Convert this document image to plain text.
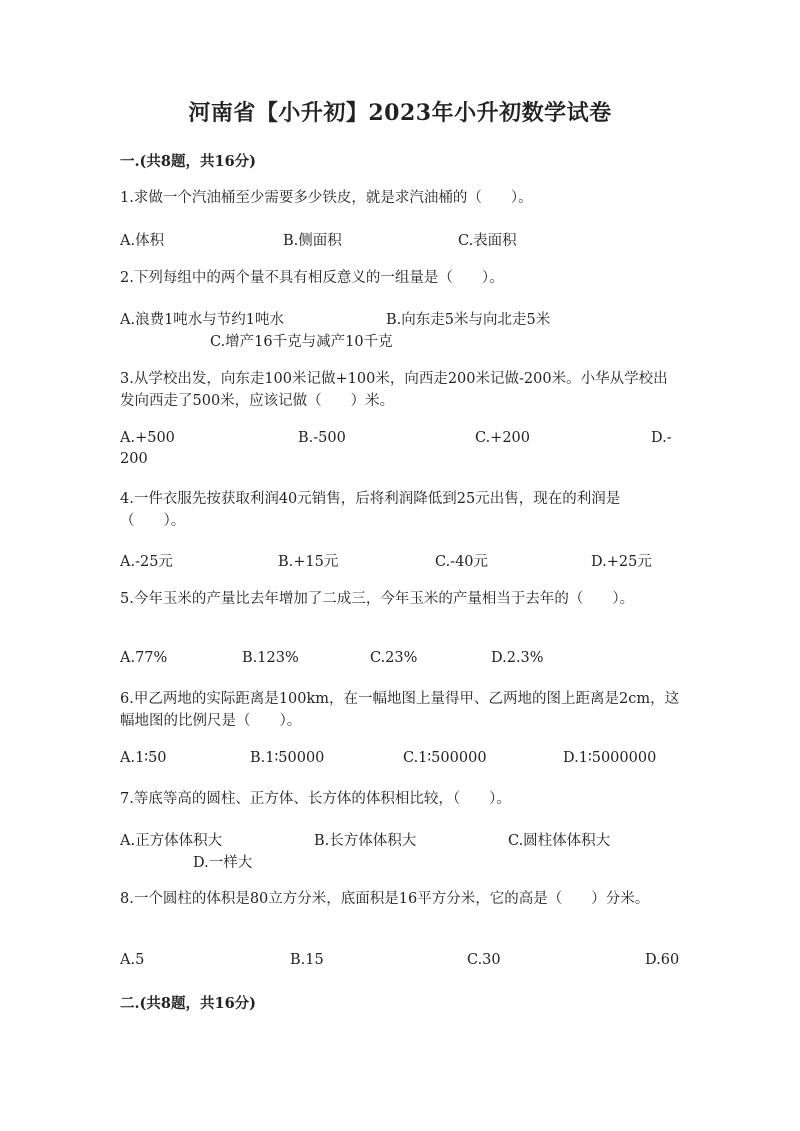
河南省【小升初】2023年小升初数学试卷
一.(共8题，共16分)
1.求做一个汽油桶至少需要多少铁皮，就是求汽油桶的（　　）。
A.体积	B.侧面积	C.表面积
2.下列每组中的两个量不具有相反意义的一组量是（　　）。
A.浪费1吨水与节约1吨水	B.向东走5米与向北走5米
C.增产16千克与减产10千克
3.从学校出发，向东走100米记做+100米，向西走200米记做-200米。小华从学校出发向西走了500米，应该记做（　　）米。
A.+500	B.-500	C.+200	D.-
200
4.一件衣服先按获取利润40元销售，后将利润降低到25元出售，现在的利润是（　　）。
A.-25元	B.+15元	C.-40元	D.+25元
5.今年玉米的产量比去年增加了二成三，今年玉米的产量相当于去年的（　　）。
A.77%	B.123%	C.23%	D.2.3%
6.甲乙两地的实际距离是100km，在一幅地图上量得甲、乙两地的图上距离是2cm，这幅地图的比例尺是（　　）。
A.1∶50	B.1∶50000	C.1∶500000	D.1∶5000000
7.等底等高的圆柱、正方体、长方体的体积相比较，（　　）。
A.正方体体积大	B.长方体体积大	C.圆柱体体积大
D.一样大
8.一个圆柱的体积是80立方分米，底面积是16平方分米，它的高是（　　）分米。
A.5	B.15	C.30	D.60
二.(共8题，共16分)
